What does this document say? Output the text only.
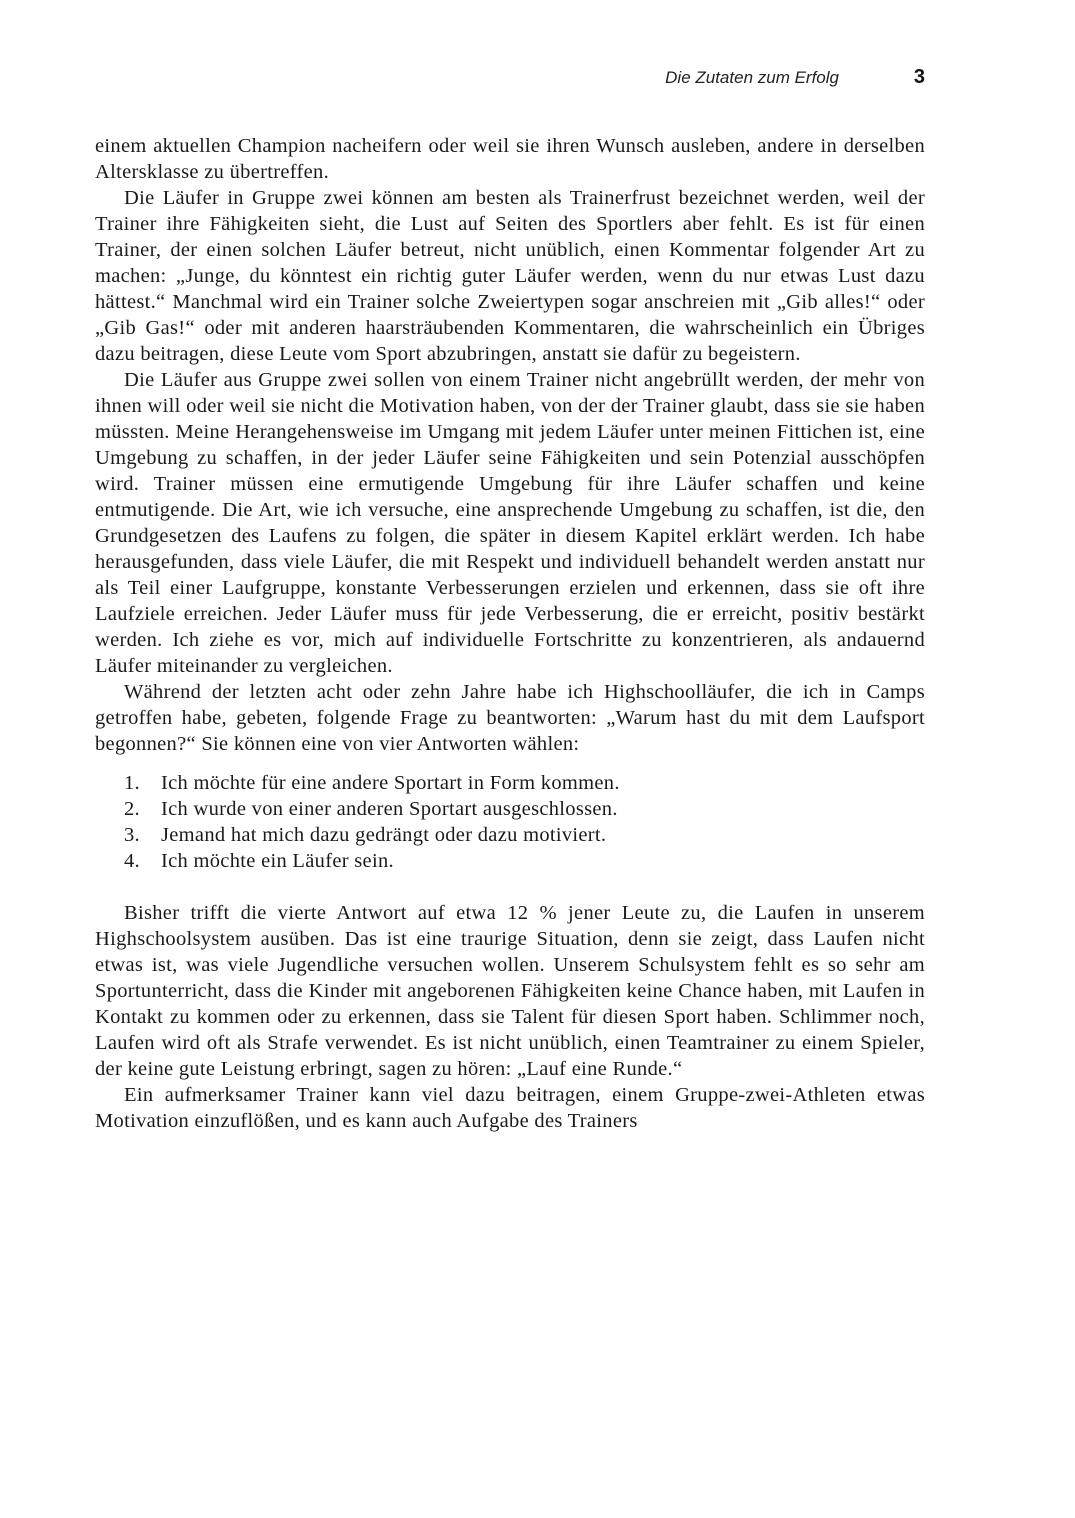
Die Zutaten zum Erfolg	3

einem aktuellen Champion nacheifern oder weil sie ihren Wunsch ausleben, andere in derselben Altersklasse zu übertreffen.

Die Läufer in Gruppe zwei können am besten als Trainerfrust bezeichnet werden, weil der Trainer ihre Fähigkeiten sieht, die Lust auf Seiten des Sportlers aber fehlt. Es ist für einen Trainer, der einen solchen Läufer betreut, nicht unüblich, einen Kommentar folgender Art zu machen: „Junge, du könntest ein richtig guter Läufer werden, wenn du nur etwas Lust dazu hättest.“ Manchmal wird ein Trainer solche Zweiertypen sogar anschreien mit „Gib alles!“ oder „Gib Gas!“ oder mit anderen haarsträubenden Kommentaren, die wahrscheinlich ein Übriges dazu beitragen, diese Leute vom Sport abzubringen, anstatt sie dafür zu begeistern.

Die Läufer aus Gruppe zwei sollen von einem Trainer nicht angebrüllt werden, der mehr von ihnen will oder weil sie nicht die Motivation haben, von der der Trainer glaubt, dass sie sie haben müssten. Meine Herangehensweise im Umgang mit jedem Läufer unter meinen Fittichen ist, eine Umgebung zu schaffen, in der jeder Läufer seine Fähigkeiten und sein Potenzial ausschöpfen wird. Trainer müssen eine ermutigende Umgebung für ihre Läufer schaffen und keine entmutigende. Die Art, wie ich versuche, eine ansprechende Umgebung zu schaffen, ist die, den Grundgesetzen des Laufens zu folgen, die später in diesem Kapitel erklärt werden. Ich habe herausgefunden, dass viele Läufer, die mit Respekt und individuell behandelt werden anstatt nur als Teil einer Laufgruppe, konstante Verbesserungen erzielen und erkennen, dass sie oft ihre Laufziele erreichen. Jeder Läufer muss für jede Verbesserung, die er erreicht, positiv bestärkt werden. Ich ziehe es vor, mich auf individuelle Fortschritte zu konzentrieren, als andauernd Läufer miteinander zu vergleichen.

Während der letzten acht oder zehn Jahre habe ich Highschoolläufer, die ich in Camps getroffen habe, gebeten, folgende Frage zu beantworten: „Warum hast du mit dem Laufsport begonnen?“ Sie können eine von vier Antworten wählen:

1. Ich möchte für eine andere Sportart in Form kommen.
2. Ich wurde von einer anderen Sportart ausgeschlossen.
3. Jemand hat mich dazu gedrängt oder dazu motiviert.
4. Ich möchte ein Läufer sein.

Bisher trifft die vierte Antwort auf etwa 12 % jener Leute zu, die Laufen in unserem Highschoolsystem ausüben. Das ist eine traurige Situation, denn sie zeigt, dass Laufen nicht etwas ist, was viele Jugendliche versuchen wollen. Unserem Schulsystem fehlt es so sehr am Sportunterricht, dass die Kinder mit angeborenen Fähigkeiten keine Chance haben, mit Laufen in Kontakt zu kommen oder zu erkennen, dass sie Talent für diesen Sport haben. Schlimmer noch, Laufen wird oft als Strafe verwendet. Es ist nicht unüblich, einen Teamtrainer zu einem Spieler, der keine gute Leistung erbringt, sagen zu hören: „Lauf eine Runde.“

Ein aufmerksamer Trainer kann viel dazu beitragen, einem Gruppe-zwei-Athleten etwas Motivation einzuflößen, und es kann auch Aufgabe des Trainers
